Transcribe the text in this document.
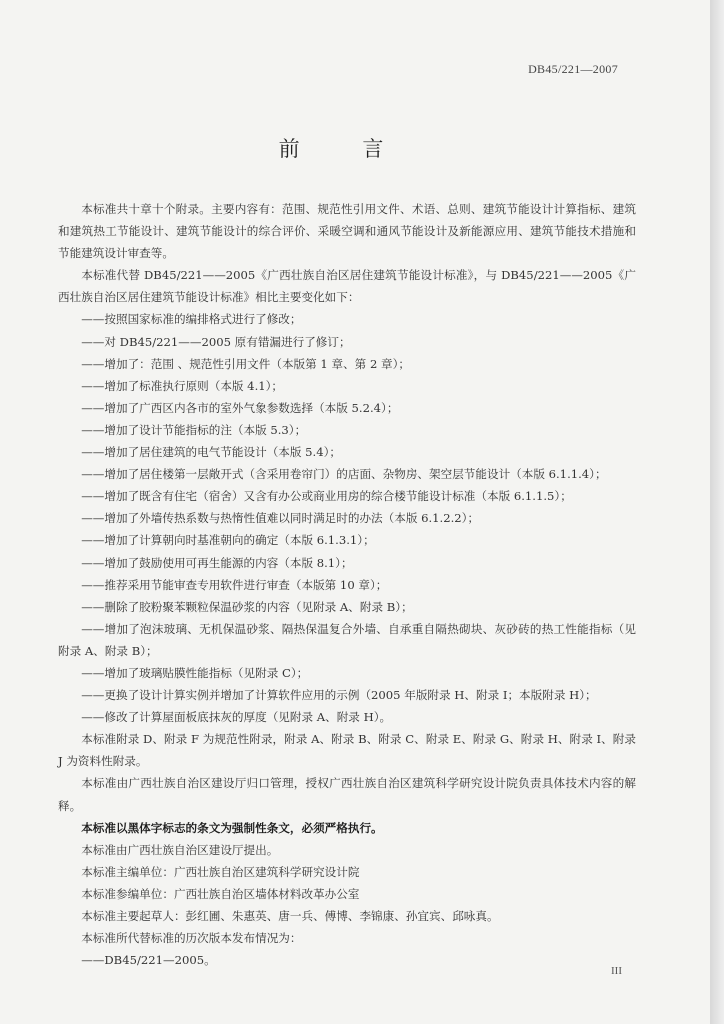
DB45/221—2007
前 言

本标准共十章十个附录。主要内容有：范围、规范性引用文件、术语、总则、建筑节能设计计算指标、建筑和建筑热工节能设计、建筑节能设计的综合评价、采暖空调和通风节能设计及新能源应用、建筑节能技术措施和节能建筑设计审查等。

本标准代替 DB45/221——2005《广西壮族自治区居住建筑节能设计标准》，与 DB45/221——2005《广西壮族自治区居住建筑节能设计标准》相比主要变化如下：

——按照国家标准的编排格式进行了修改；

——对 DB45/221——2005 原有错漏进行了修订；

——增加了：范围 、规范性引用文件（本版第 1 章、第 2 章）；

——增加了标准执行原则（本版 4.1）；

——增加了广西区内各市的室外气象参数选择（本版 5.2.4）；

——增加了设计节能指标的注（本版 5.3）；

——增加了居住建筑的电气节能设计（本版 5.4）；

——增加了居住楼第一层敞开式（含采用卷帘门）的店面、杂物房、架空层节能设计（本版 6.1.1.4）；

——增加了既含有住宅（宿舍）又含有办公或商业用房的综合楼节能设计标准（本版 6.1.1.5）；

——增加了外墙传热系数与热惰性值难以同时满足时的办法（本版 6.1.2.2）；

——增加了计算朝向时基准朝向的确定（本版 6.1.3.1）；

——增加了鼓励使用可再生能源的内容（本版 8.1）；

——推荐采用节能审查专用软件进行审查（本版第 10 章）；

——删除了胶粉聚苯颗粒保温砂浆的内容（见附录 A、附录 B）；

——增加了泡沫玻璃、无机保温砂浆、隔热保温复合外墙、自承重自隔热砌块、灰砂砖的热工性能指标（见附录 A、附录 B）；

——增加了玻璃贴膜性能指标（见附录 C）；

——更换了设计计算实例并增加了计算软件应用的示例（2005 年版附录 H、附录 I；本版附录 H）；

——修改了计算屋面板底抹灰的厚度（见附录 A、附录 H）。

本标准附录 D、附录 F 为规范性附录，附录 A、附录 B、附录 C、附录 E、附录 G、附录 H、附录 I、附录 J 为资料性附录。

本标准由广西壮族自治区建设厅归口管理，授权广西壮族自治区建筑科学研究设计院负责具体技术内容的解释。

本标准以黑体字标志的条文为强制性条文，必须严格执行。

本标准由广西壮族自治区建设厅提出。

本标准主编单位：广西壮族自治区建筑科学研究设计院

本标准参编单位：广西壮族自治区墙体材料改革办公室

本标准主要起草人：彭红圃、朱惠英、唐一兵、傅博、李锦康、孙宜宾、邱咏真。

本标准所代替标准的历次版本发布情况为：

——DB45/221—2005。

III
